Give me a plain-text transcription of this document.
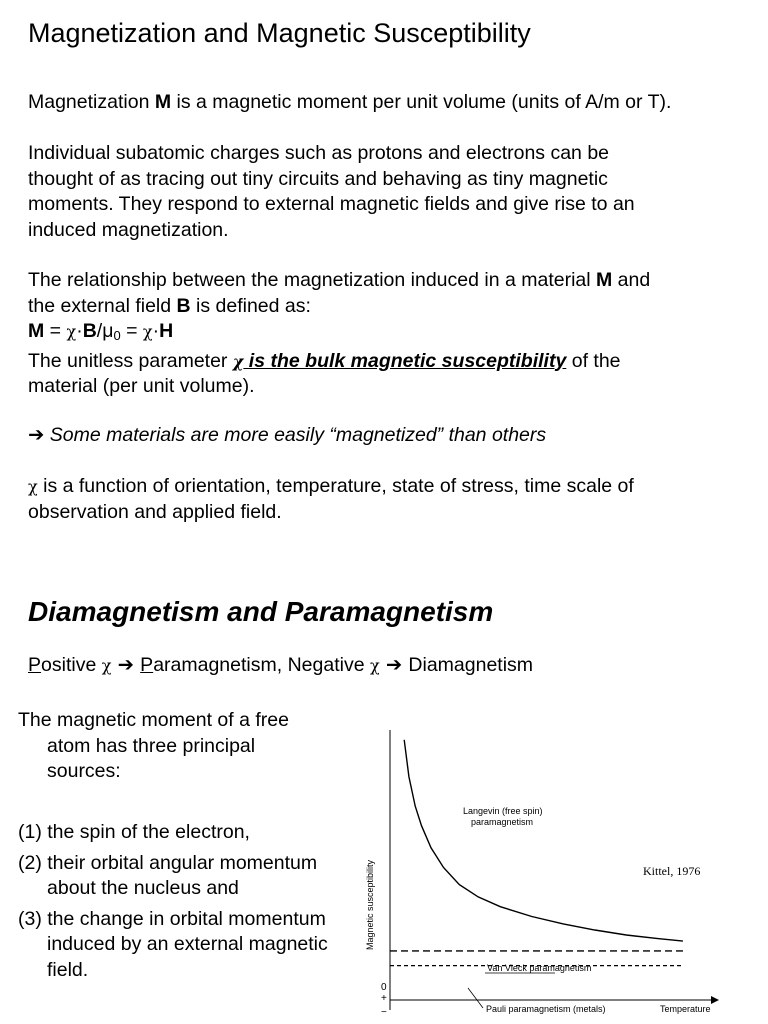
Magnetization and Magnetic Susceptibility
Magnetization M is a magnetic moment per unit volume (units of A/m or T).
Individual subatomic charges such as protons and electrons can be
thought of as tracing out tiny circuits and behaving as tiny magnetic
moments. They respond to external magnetic fields and give rise to an
induced magnetization.
The relationship between the magnetization induced in a material M and
the external field B is defined as:
$M = \chi\cdot B/\mu_0 = \chi\cdot H$
The unitless parameter χ is the bulk magnetic susceptibility of the
material (per unit volume).
➔ Some materials are more easily “magnetized” than others
χ is a function of orientation, temperature, state of stress, time scale of
observation and applied field.
Diamagnetism and Paramagnetism
Positive χ ➔ Paramagnetism, Negative χ ➔ Diamagnetism
The magnetic moment of a free atom has three principal sources:
(1) the spin of the electron,
(2) their orbital angular momentum about the nucleus and
(3) the change in orbital momentum induced by an external magnetic field.
Langevin (free spin)
paramagnetism
Van Vleck paramagnetism
Pauli paramagnetism (metals)	Temperature
Magnetic susceptibility
+
0
−
Kittel, 1976
